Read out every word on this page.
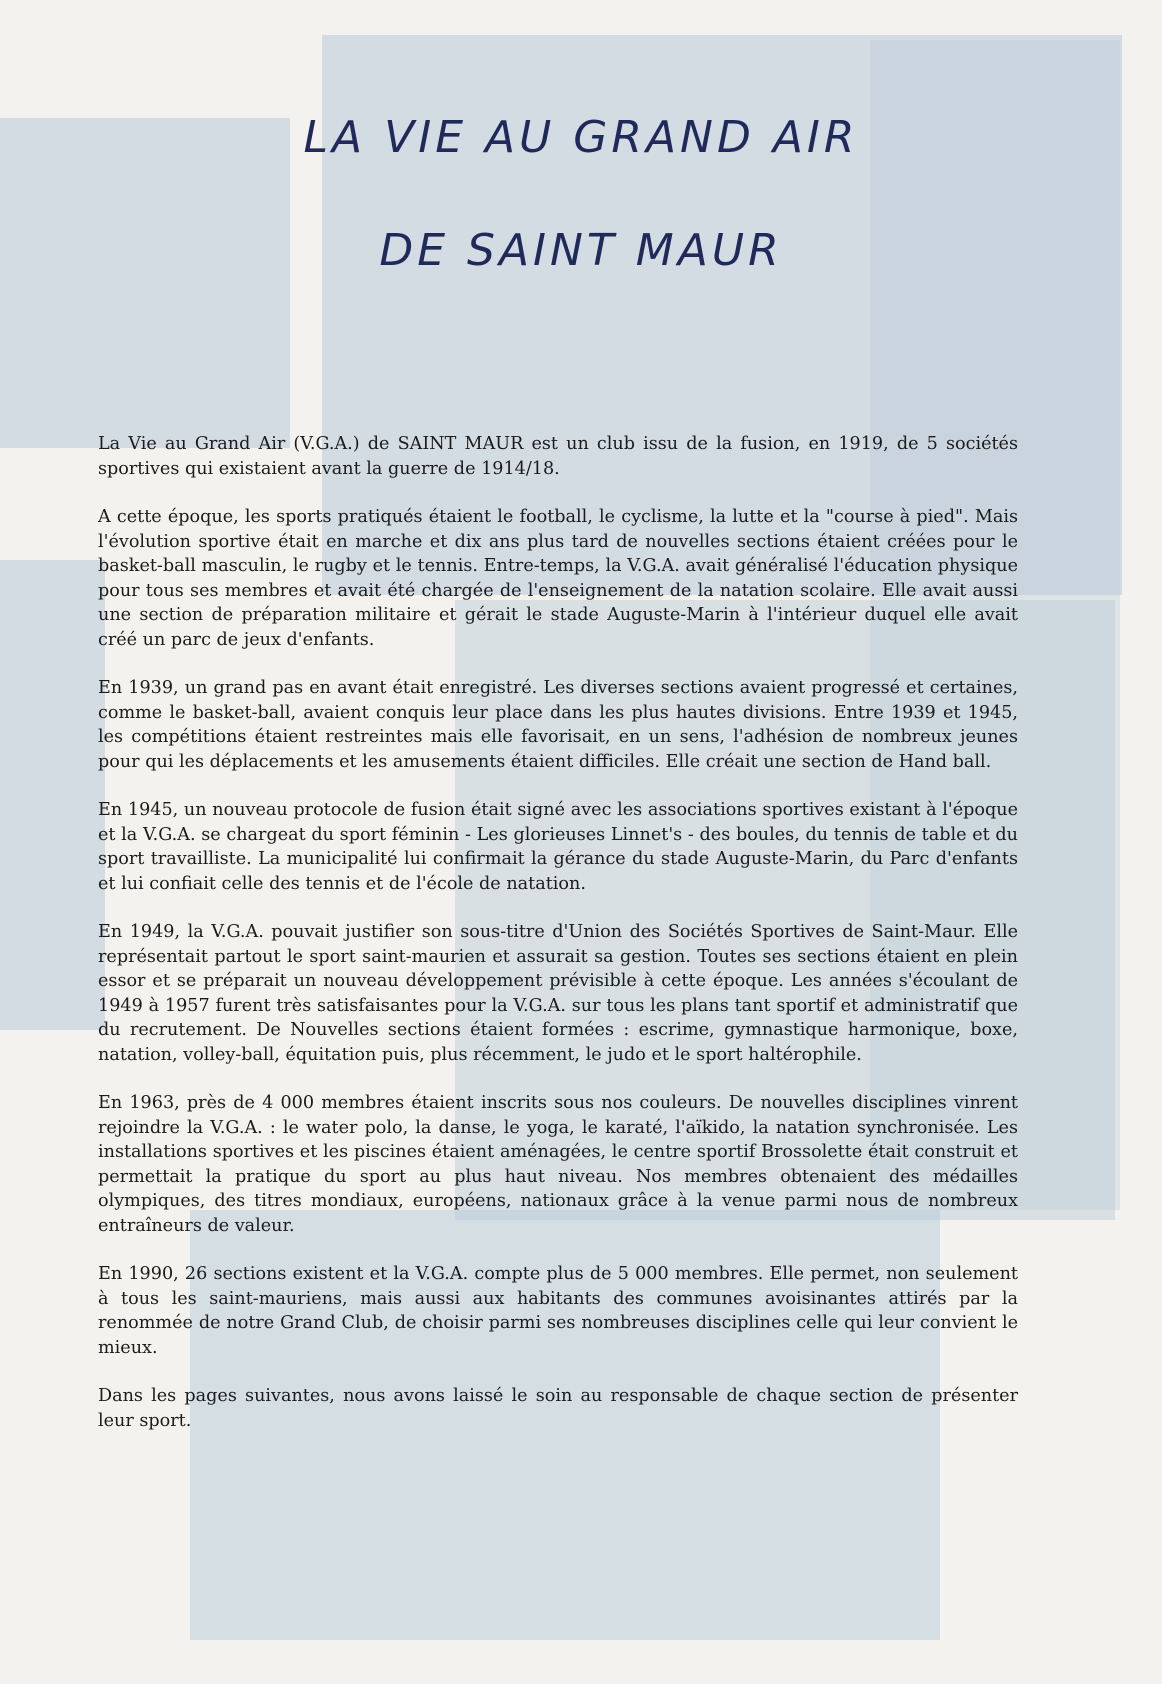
LA VIE AU GRAND AIR
DE SAINT MAUR

La Vie au Grand Air (V.G.A.) de SAINT MAUR est un club issu de la fusion, en 1919, de 5 sociétés sportives qui existaient avant la guerre de 1914/18.

A cette époque, les sports pratiqués étaient le football, le cyclisme, la lutte et la "course à pied". Mais l'évolution sportive était en marche et dix ans plus tard de nouvelles sections étaient créées pour le basket-ball masculin, le rugby et le tennis. Entre-temps, la V.G.A. avait généralisé l'éducation physique pour tous ses membres et avait été chargée de l'enseignement de la natation scolaire. Elle avait aussi une section de préparation militaire et gérait le stade Auguste-Marin à l'intérieur duquel elle avait créé un parc de jeux d'enfants.

En 1939, un grand pas en avant était enregistré. Les diverses sections avaient progressé et certaines, comme le basket-ball, avaient conquis leur place dans les plus hautes divisions. Entre 1939 et 1945, les compétitions étaient restreintes mais elle favorisait, en un sens, l'adhésion de nombreux jeunes pour qui les déplacements et les amusements étaient difficiles. Elle créait une section de Hand ball.

En 1945, un nouveau protocole de fusion était signé avec les associations sportives existant à l'époque et la V.G.A. se chargeat du sport féminin - Les glorieuses Linnet's - des boules, du tennis de table et du sport travailliste. La municipalité lui confirmait la gérance du stade Auguste-Marin, du Parc d'enfants et lui confiait celle des tennis et de l'école de natation.

En 1949, la V.G.A. pouvait justifier son sous-titre d'Union des Sociétés Sportives de Saint-Maur. Elle représentait partout le sport saint-maurien et assurait sa gestion. Toutes ses sections étaient en plein essor et se préparait un nouveau développement prévisible à cette époque. Les années s'écoulant de 1949 à 1957 furent très satisfaisantes pour la V.G.A. sur tous les plans tant sportif et administratif que du recrutement. De Nouvelles sections étaient formées : escrime, gymnastique harmonique, boxe, natation, volley-ball, équitation puis, plus récemment, le judo et le sport haltérophile.

En 1963, près de 4 000 membres étaient inscrits sous nos couleurs. De nouvelles disciplines vinrent rejoindre la V.G.A. : le water polo, la danse, le yoga, le karaté, l'aïkido, la natation synchronisée. Les installations sportives et les piscines étaient aménagées, le centre sportif Brossolette était construit et permettait la pratique du sport au plus haut niveau. Nos membres obtenaient des médailles olympiques, des titres mondiaux, européens, nationaux grâce à la venue parmi nous de nombreux entraîneurs de valeur.

En 1990, 26 sections existent et la V.G.A. compte plus de 5 000 membres. Elle permet, non seulement à tous les saint-mauriens, mais aussi aux habitants des communes avoisinantes attirés par la renommée de notre Grand Club, de choisir parmi ses nombreuses disciplines celle qui leur convient le mieux.

Dans les pages suivantes, nous avons laissé le soin au responsable de chaque section de présenter leur sport.
